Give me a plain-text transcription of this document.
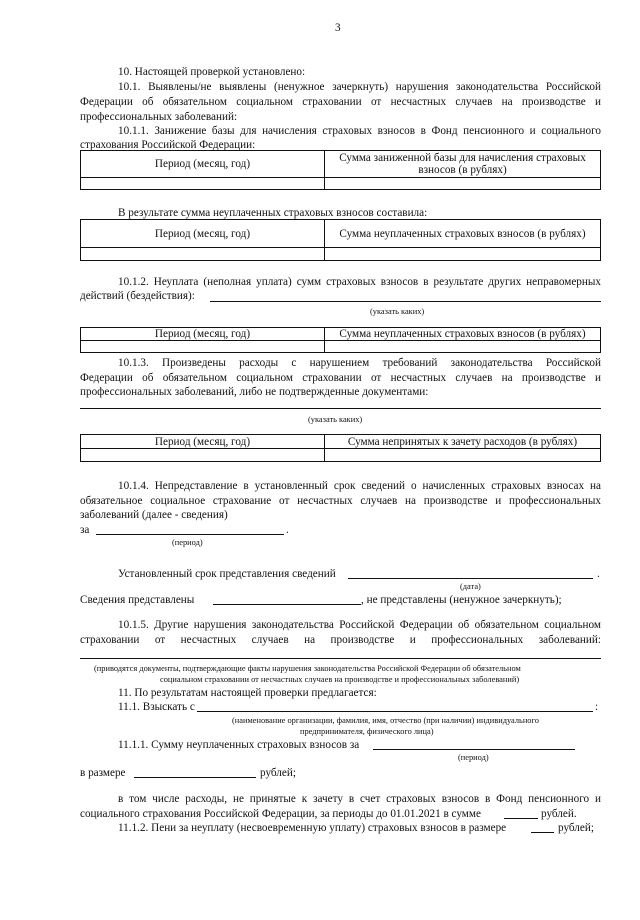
3
10. Настоящей проверкой установлено:
10.1. Выявлены/не выявлены (ненужное зачеркнуть) нарушения законодательства Российской
Федерации об обязательном социальном страховании от несчастных случаев на производстве и
профессиональных заболеваний:
10.1.1. Занижение базы для начисления страховых взносов в Фонд пенсионного и социального
страхования Российской Федерации:
Период (месяц, год)	Сумма заниженной базы для начисления страховых взносов (в рублях)

В результате сумма неуплаченных страховых взносов составила:
Период (месяц, год)	Сумма неуплаченных страховых взносов (в рублях)

10.1.2. Неуплата (неполная уплата) сумм страховых взносов в результате других неправомерных
действий (бездействия):
(указать каких)
Период (месяц, год)	Сумма неуплаченных страховых взносов (в рублях)

10.1.3. Произведены расходы с нарушением требований законодательства Российской
Федерации об обязательном социальном страховании от несчастных случаев на производстве и
профессиональных заболеваний, либо не подтвержденные документами:
(указать каких)
Период (месяц, год)	Сумма непринятых к зачету расходов (в рублях)

10.1.4. Непредставление в установленный срок сведений о начисленных страховых взносах на
обязательное социальное страхование от несчастных случаев на производстве и профессиональных
заболеваний (далее - сведения)
за	.
(период)
Установленный срок представления сведений	.
(дата)
Сведения представлены	, не представлены (ненужное зачеркнуть);
10.1.5. Другие нарушения законодательства Российской Федерации об обязательном социальном
страховании от несчастных случаев на производстве и профессиональных заболеваний:
(приводятся документы, подтверждающие факты нарушения законодательства Российской Федерации об обязательном
социальном страховании от несчастных случаев на производстве и профессиональных заболеваний)
11. По результатам настоящей проверки предлагается:
11.1. Взыскать с	:
(наименование организации, фамилия, имя, отчество (при наличии) индивидуального
предпринимателя, физического лица)
11.1.1. Сумму неуплаченных страховых взносов за
(период)
в размере	рублей;
в том числе расходы, не принятые к зачету в счет страховых взносов в Фонд пенсионного и
социального страхования Российской Федерации, за периоды до 01.01.2021 в сумме	рублей.
11.1.2. Пени за неуплату (несвоевременную уплату) страховых взносов в размере	рублей;
